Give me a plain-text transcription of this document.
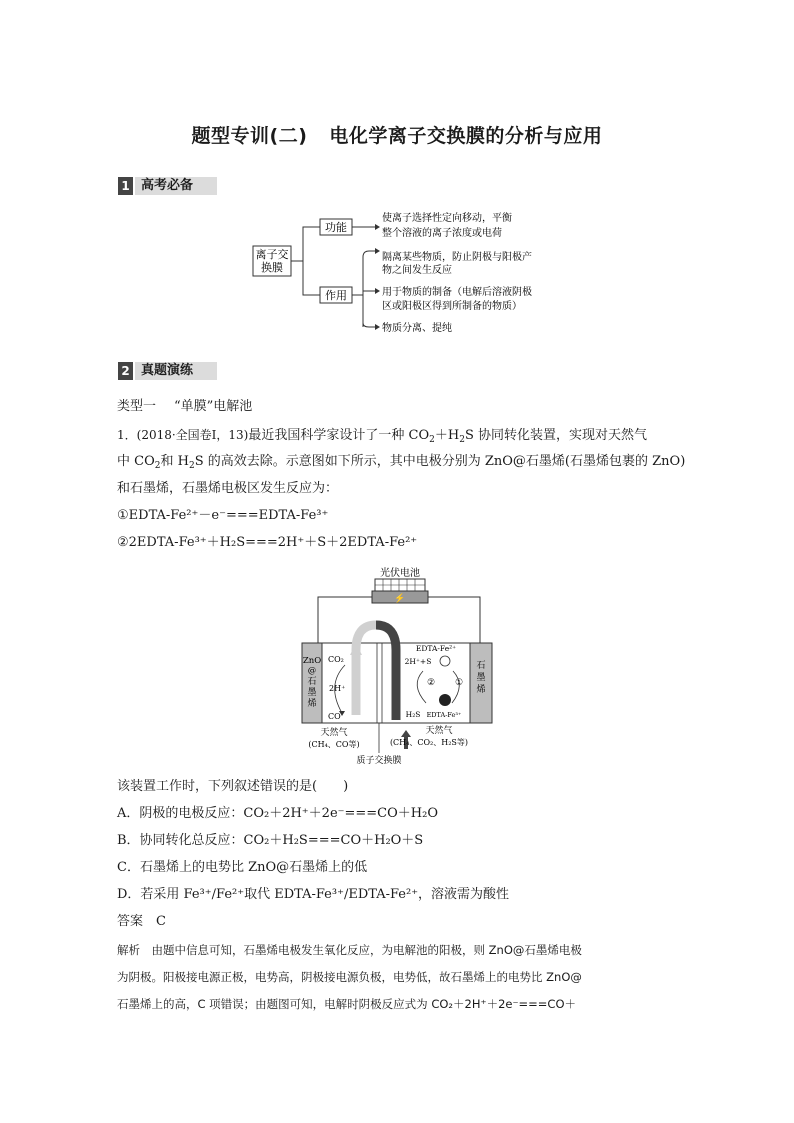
题型专训(二) 电化学离子交换膜的分析与应用
1 高考必备
离子交
换膜
功能
作用
使离子选择性定向移动，平衡
整个溶液的离子浓度或电荷
隔离某些物质，防止阴极与阳极产
物之间发生反应
用于物质的制备（电解后溶液阴极
区或阳极区得到所制备的物质）
物质分离、提纯
2 真题演练
类型一 “单膜”电解池
1．(2018·全国卷Ⅰ，13)最近我国科学家设计了一种 $CO_2+H_2S$ 协同转化装置，实现对天然气
中 $CO_2$和 $H_2S$ 的高效去除。示意图如下所示，其中电极分别为 ZnO@石墨烯(石墨烯包裹的 ZnO)
和石墨烯，石墨烯电极区发生反应为：
①EDTA-Fe²⁺－e⁻===EDTA-Fe³⁺
②2EDTA-Fe³⁺＋H₂S===2H⁺＋S＋2EDTA-Fe²⁺
光伏电池
⚡
ZnO
@
石
墨
烯
石
墨
烯
CO₂
2H⁺
CO
EDTA-Fe²⁺
2H⁺+S
② ①
H₂S EDTA-Fe³⁺
天然气
(CH₄、CO等)
天然气
(CH₄、CO₂、H₂S等)
质子交换膜
该装置工作时，下列叙述错误的是(　　)
A．阴极的电极反应：CO₂＋2H⁺＋2e⁻===CO＋H₂O
B．协同转化总反应：CO₂＋H₂S===CO＋H₂O＋S
C．石墨烯上的电势比 ZnO@石墨烯上的低
D．若采用 Fe³⁺/Fe²⁺取代 EDTA-Fe³⁺/EDTA-Fe²⁺，溶液需为酸性
答案　C
解析　由题中信息可知，石墨烯电极发生氧化反应，为电解池的阳极，则 ZnO@石墨烯电极
为阴极。阳极接电源正极，电势高，阴极接电源负极，电势低，故石墨烯上的电势比 ZnO@
石墨烯上的高，C 项错误；由题图可知，电解时阴极反应式为 CO₂＋2H⁺＋2e⁻===CO＋
